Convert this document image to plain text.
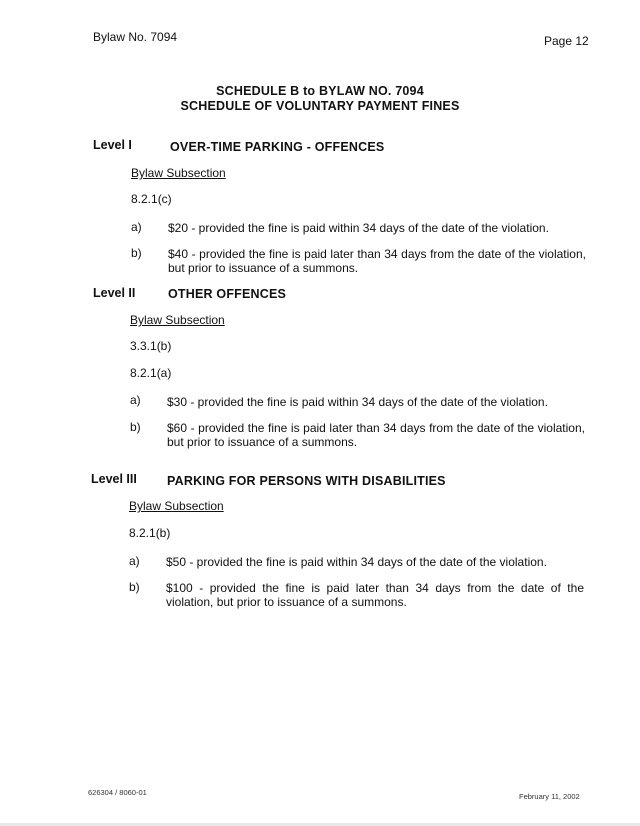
Bylaw No. 7094	Page 12
SCHEDULE B to BYLAW NO. 7094
SCHEDULE OF VOLUNTARY PAYMENT FINES
Level I	OVER-TIME PARKING - OFFENCES
Bylaw Subsection
8.2.1(c)
a) $20 - provided the fine is paid within 34 days of the date of the violation.
b) $40 - provided the fine is paid later than 34 days from the date of the violation, but prior to issuance of a summons.
Level II	OTHER OFFENCES
Bylaw Subsection
3.3.1(b)
8.2.1(a)
a) $30 - provided the fine is paid within 34 days of the date of the violation.
b) $60 - provided the fine is paid later than 34 days from the date of the violation, but prior to issuance of a summons.
Level III PARKING FOR PERSONS WITH DISABILITIES
Bylaw Subsection
8.2.1(b)
a) $50 - provided the fine is paid within 34 days of the date of the violation.
b) $100 - provided the fine is paid later than 34 days from the date of the violation, but prior to issuance of a summons.
626304 / 8060-01	February 11, 2002
